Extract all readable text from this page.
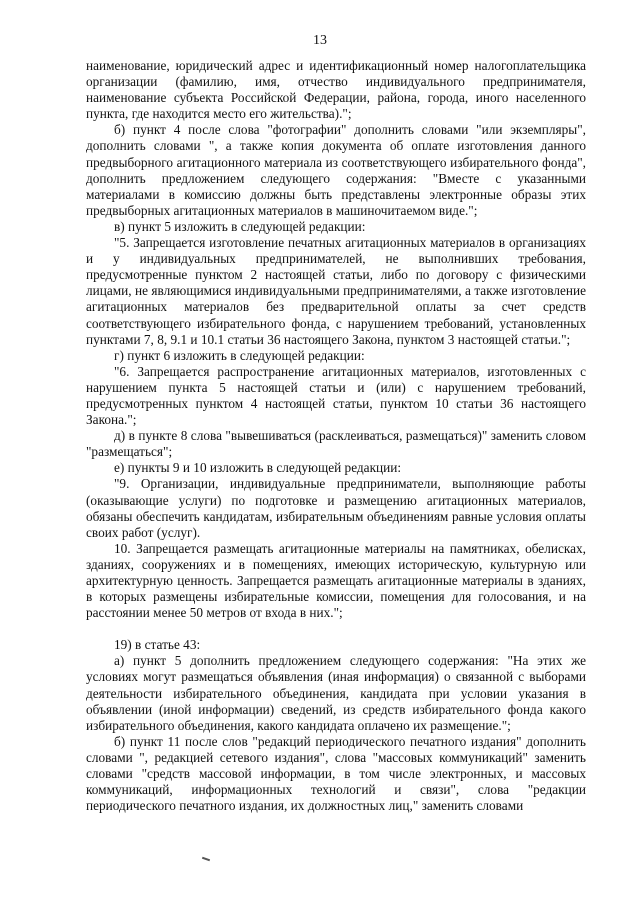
13

наименование, юридический адрес и идентификационный номер налогоплательщика организации (фамилию, имя, отчество индивидуального предпринимателя, наименование субъекта Российской Федерации, района, города, иного населенного пункта, где находится место его жительства).";

б) пункт 4 после слова "фотографии" дополнить словами "или экземпляры", дополнить словами ", а также копия документа об оплате изготовления данного предвыборного агитационного материала из соответствующего избирательного фонда", дополнить предложением следующего содержания: "Вместе с указанными материалами в комиссию должны быть представлены электронные образы этих предвыборных агитационных материалов в машиночитаемом виде.";

в) пункт 5 изложить в следующей редакции:

"5. Запрещается изготовление печатных агитационных материалов в организациях и у индивидуальных предпринимателей, не выполнивших требования, предусмотренные пунктом 2 настоящей статьи, либо по договору с физическими лицами, не являющимися индивидуальными предпринимателями, а также изготовление агитационных материалов без предварительной оплаты за счет средств соответствующего избирательного фонда, с нарушением требований, установленных пунктами 7, 8, 9.1 и 10.1 статьи 36 настоящего Закона, пунктом 3 настоящей статьи.";

г) пункт 6 изложить в следующей редакции:

"6. Запрещается распространение агитационных материалов, изготовленных с нарушением пункта 5 настоящей статьи и (или) с нарушением требований, предусмотренных пунктом 4 настоящей статьи, пунктом 10 статьи 36 настоящего Закона.";

д) в пункте 8 слова "вывешиваться (расклеиваться, размещаться)" заменить словом "размещаться";

е) пункты 9 и 10 изложить в следующей редакции:

"9. Организации, индивидуальные предприниматели, выполняющие работы (оказывающие услуги) по подготовке и размещению агитационных материалов, обязаны обеспечить кандидатам, избирательным объединениям равные условия оплаты своих работ (услуг).

10. Запрещается размещать агитационные материалы на памятниках, обелисках, зданиях, сооружениях и в помещениях, имеющих историческую, культурную или архитектурную ценность. Запрещается размещать агитационные материалы в зданиях, в которых размещены избирательные комиссии, помещения для голосования, и на расстоянии менее 50 метров от входа в них.";

19) в статье 43:

а) пункт 5 дополнить предложением следующего содержания: "На этих же условиях могут размещаться объявления (иная информация) о связанной с выборами деятельности избирательного объединения, кандидата при условии указания в объявлении (иной информации) сведений, из средств избирательного фонда какого избирательного объединения, какого кандидата оплачено их размещение.";

б) пункт 11 после слов "редакций периодического печатного издания" дополнить словами ", редакцией сетевого издания", слова "массовых коммуникаций" заменить словами "средств массовой информации, в том числе электронных, и массовых коммуникаций, информационных технологий и связи", слова "редакции периодического печатного издания, их должностных лиц," заменить словами
